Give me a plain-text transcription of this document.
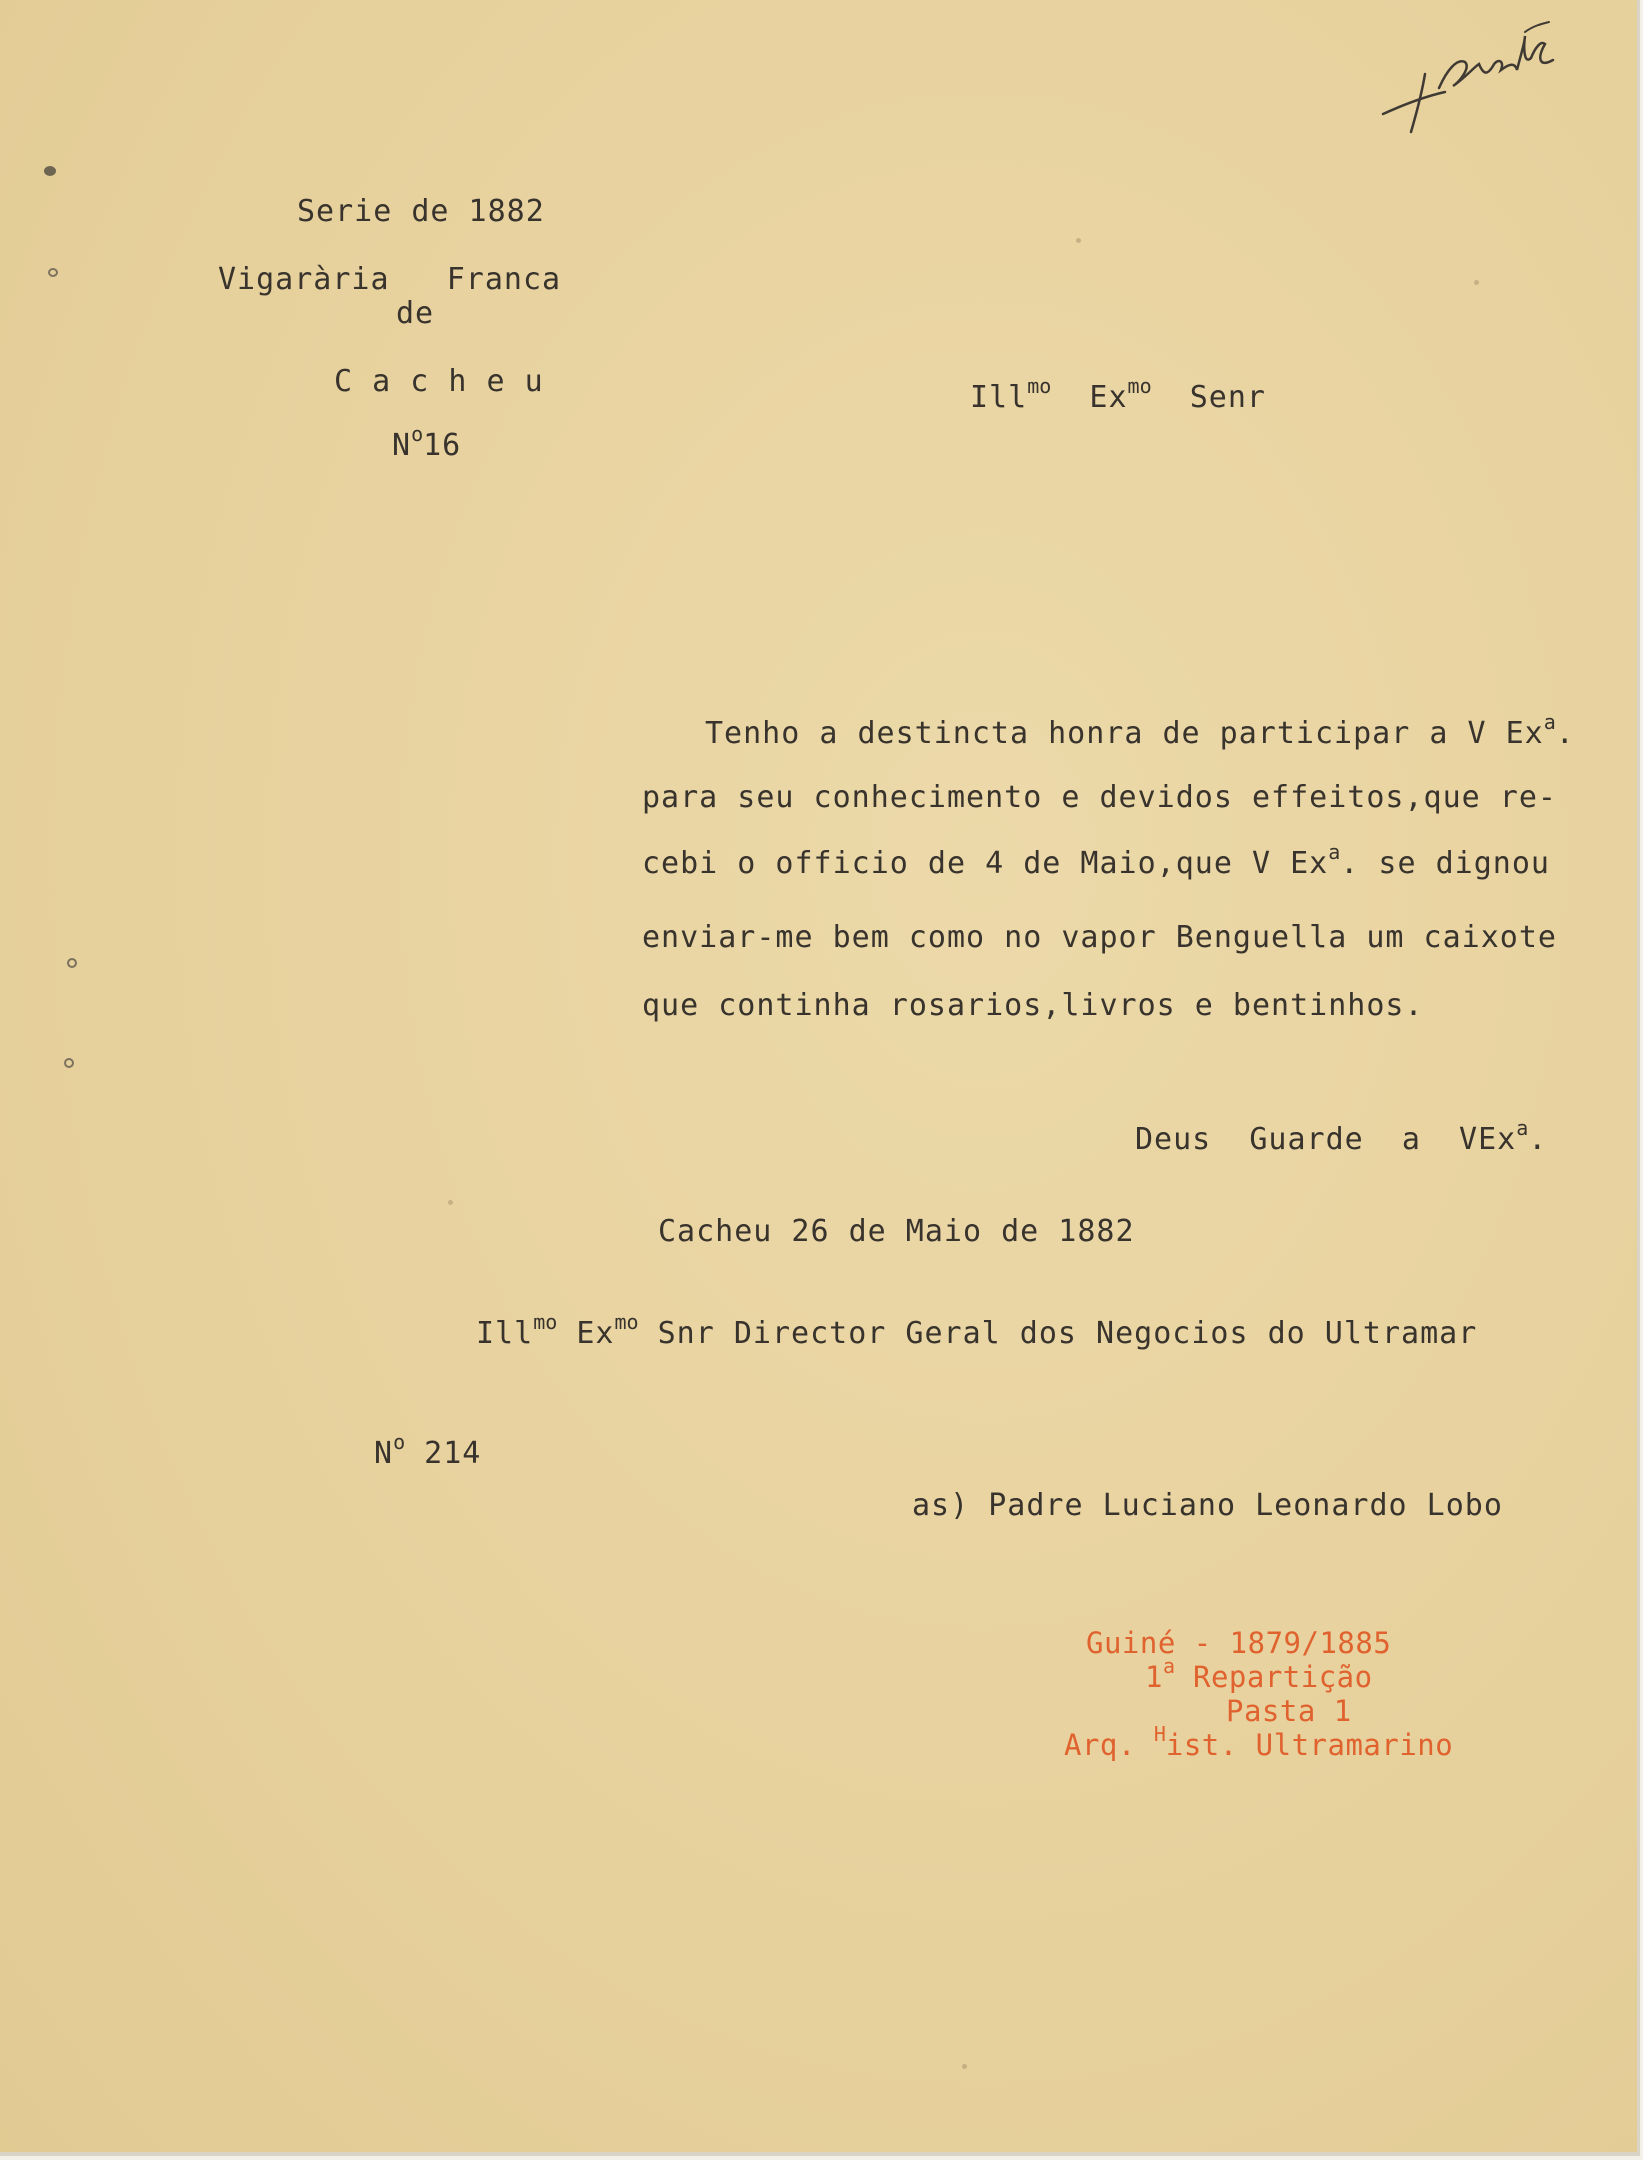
Serie de 1882
Vigarària   Franca
de
C a c h e u
$N^o16$
Ill$^{mo}$ $Ex^{mo}$ Senr
Tenho a destincta honra de participar a V Ex$^a$.
para seu conhecimento e devidos effeitos,que re-
cebi o officio de 4 de Maio,que V Ex$^a$. se dignou
enviar-me bem como no vapor Benguella um caixote
que continha rosarios,livros e bentinhos.
Deus  Guarde  a  VEx$^a$.
Cacheu 26 de Maio de 1882
Ill$^{mo}$ $Ex^{mo}$ Snr Director Geral dos Negocios do Ultramar
$N^o$ 214
as) Padre Luciano Leonardo Lobo
Guiné - 1879/1885
1$^a$ Repartição
Pasta 1
Arq. $^H$ist. Ultramarino
